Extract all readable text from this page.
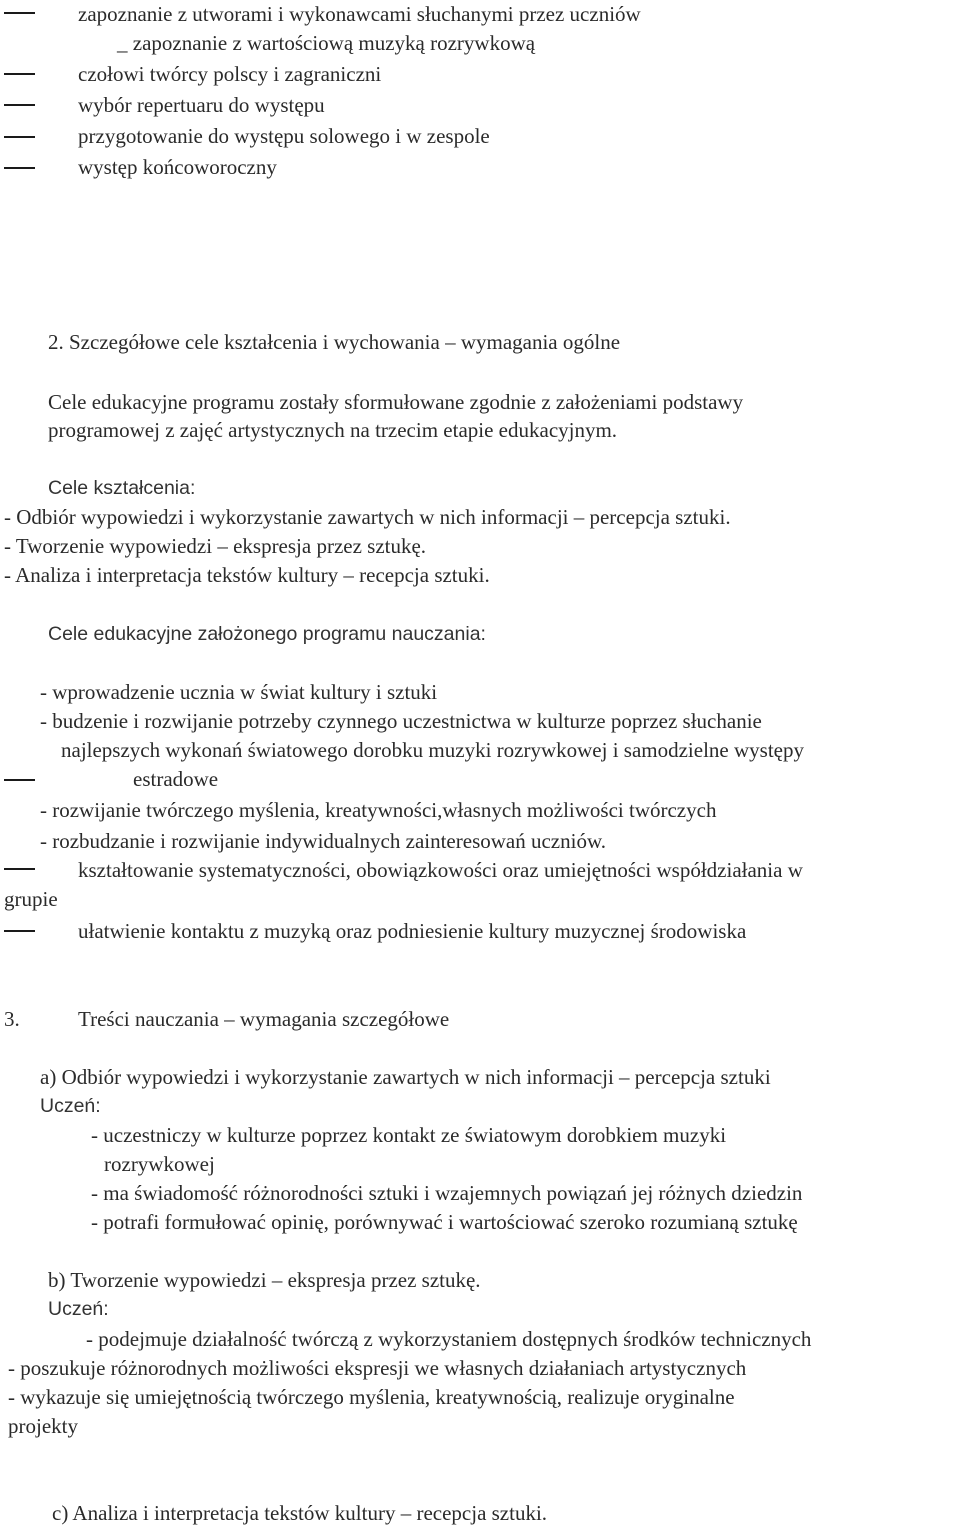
zapoznanie z utworami i wykonawcami słuchanymi przez uczniów
_ zapoznanie z wartościową muzyką rozrywkową
czołowi twórcy polscy i zagraniczni
wybór repertuaru do występu
przygotowanie do występu solowego i w zespole
występ końcoworoczny
2. Szczegółowe cele kształcenia i wychowania – wymagania ogólne
Cele edukacyjne programu zostały sformułowane zgodnie z założeniami podstawy
programowej z zajęć artystycznych na trzecim etapie edukacyjnym.
Cele kształcenia:
- Odbiór wypowiedzi i wykorzystanie zawartych w nich informacji – percepcja sztuki.
- Tworzenie wypowiedzi – ekspresja przez sztukę.
- Analiza i interpretacja tekstów kultury – recepcja sztuki.
Cele edukacyjne założonego programu nauczania:
- wprowadzenie ucznia w świat kultury i sztuki
- budzenie i rozwijanie potrzeby czynnego uczestnictwa w kulturze poprzez słuchanie
najlepszych wykonań światowego dorobku muzyki rozrywkowej i samodzielne występy
estradowe
- rozwijanie twórczego myślenia, kreatywności,własnych możliwości twórczych
- rozbudzanie i rozwijanie indywidualnych zainteresowań uczniów.
kształtowanie systematyczności, obowiązkowości oraz umiejętności współdziałania w
grupie
ułatwienie kontaktu z muzyką oraz podniesienie kultury muzycznej środowiska
3.	Treści nauczania – wymagania szczegółowe
a) Odbiór wypowiedzi i wykorzystanie zawartych w nich informacji – percepcja sztuki
Uczeń:
- uczestniczy w kulturze poprzez kontakt ze światowym dorobkiem muzyki
rozrywkowej
- ma świadomość różnorodności sztuki i wzajemnych powiązań jej różnych dziedzin
- potrafi formułować opinię, porównywać i wartościować szeroko rozumianą sztukę
b) Tworzenie wypowiedzi – ekspresja przez sztukę.
Uczeń:
- podejmuje działalność twórczą z wykorzystaniem dostępnych środków technicznych
- poszukuje różnorodnych możliwości ekspresji we własnych działaniach artystycznych
- wykazuje się umiejętnością twórczego myślenia, kreatywnością, realizuje oryginalne
projekty
c) Analiza i interpretacja tekstów kultury – recepcja sztuki.
